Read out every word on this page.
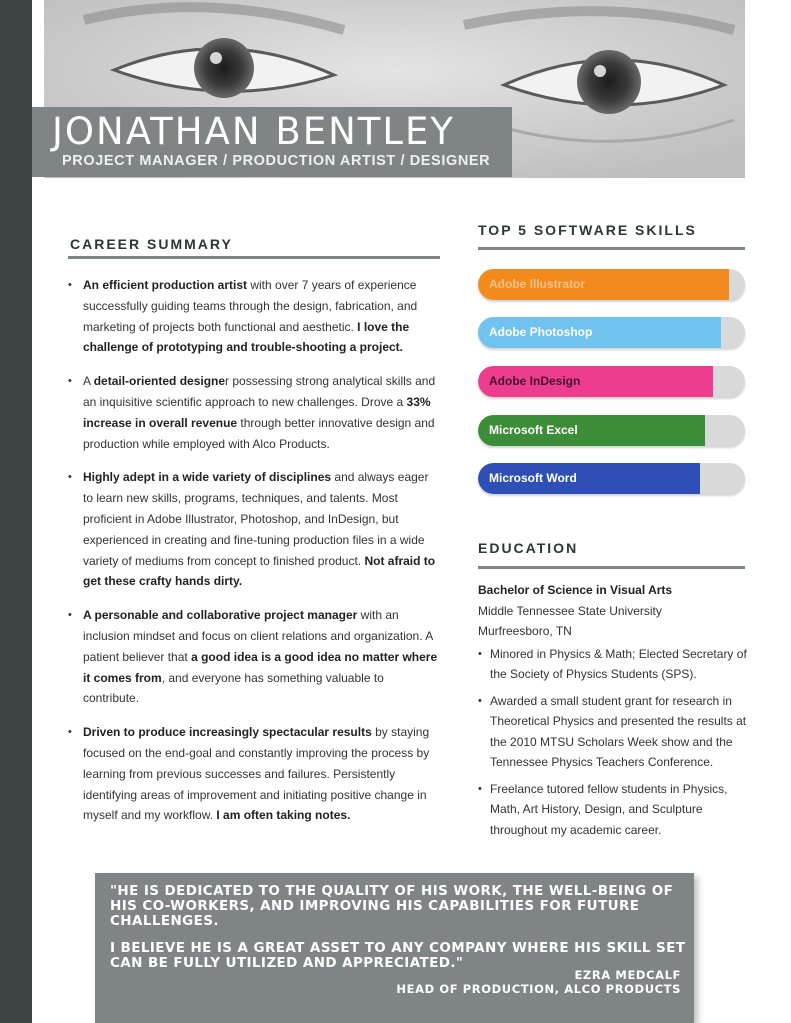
JONATHAN BENTLEY
PROJECT MANAGER / PRODUCTION ARTIST / DESIGNER
CAREER SUMMARY
• An efficient production artist with over 7 years of experience successfully guiding teams through the design, fabrication, and marketing of projects both functional and aesthetic. I love the challenge of prototyping and trouble-shooting a project.
• A detail-oriented designer possessing strong analytical skills and an inquisitive scientific approach to new challenges. Drove a 33% increase in overall revenue through better innovative design and production while employed with Alco Products.
• Highly adept in a wide variety of disciplines and always eager to learn new skills, programs, techniques, and talents. Most proficient in Adobe Illustrator, Photoshop, and InDesign, but experienced in creating and fine-tuning production files in a wide variety of mediums from concept to finished product. Not afraid to get these crafty hands dirty.
• A personable and collaborative project manager with an inclusion mindset and focus on client relations and organization. A patient believer that a good idea is a good idea no matter where it comes from, and everyone has something valuable to contribute.
• Driven to produce increasingly spectacular results by staying focused on the end-goal and constantly improving the process by learning from previous successes and failures. Persistently identifying areas of improvement and initiating positive change in myself and my workflow. I am often taking notes.
TOP 5 SOFTWARE SKILLS
Adobe Illustrator
Adobe Photoshop
Adobe InDesign
Microsoft Excel
Microsoft Word
EDUCATION
Bachelor of Science in Visual Arts
Middle Tennessee State University
Murfreesboro, TN
• Minored in Physics & Math; Elected Secretary of the Society of Physics Students (SPS).
• Awarded a small student grant for research in Theoretical Physics and presented the results at the 2010 MTSU Scholars Week show and the Tennessee Physics Teachers Conference.
• Freelance tutored fellow students in Physics, Math, Art History, Design, and Sculpture throughout my academic career.

"HE IS DEDICATED TO THE QUALITY OF HIS WORK, THE WELL-BEING OF HIS CO-WORKERS, AND IMPROVING HIS CAPABILITIES FOR FUTURE CHALLENGES.

I BELIEVE HE IS A GREAT ASSET TO ANY COMPANY WHERE HIS SKILL SET CAN BE FULLY UTILIZED AND APPRECIATED."

EZRA MEDCALF
HEAD OF PRODUCTION, ALCO PRODUCTS
